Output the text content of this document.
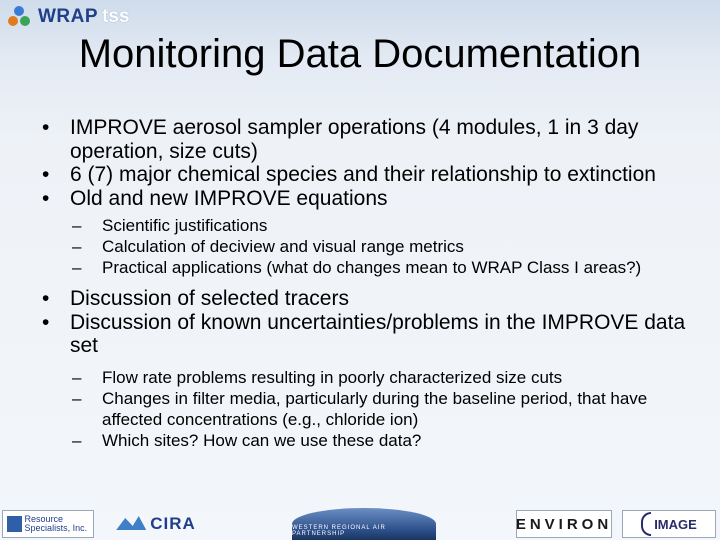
WRAP tss
Monitoring Data Documentation

• IMPROVE aerosol sampler operations (4 modules, 1 in 3 day operation, size cuts)

• 6 (7) major chemical species and their relationship to extinction

• Old and new IMPROVE equations

– Scientific justifications

– Calculation of deciview and visual range metrics

– Practical applications (what do changes mean to WRAP Class I areas?)

• Discussion of selected tracers

• Discussion of known uncertainties/problems in the IMPROVE data set

– Flow rate problems resulting in poorly characterized size cuts

– Changes in filter media, particularly during the baseline period, that have affected concentrations (e.g., chloride ion)

– Which sites? How can we use these data?

Resource Specialists, Inc.	CIRA	WESTERN REGIONAL AIR PARTNERSHIP
ENVIRON	IMAGE
